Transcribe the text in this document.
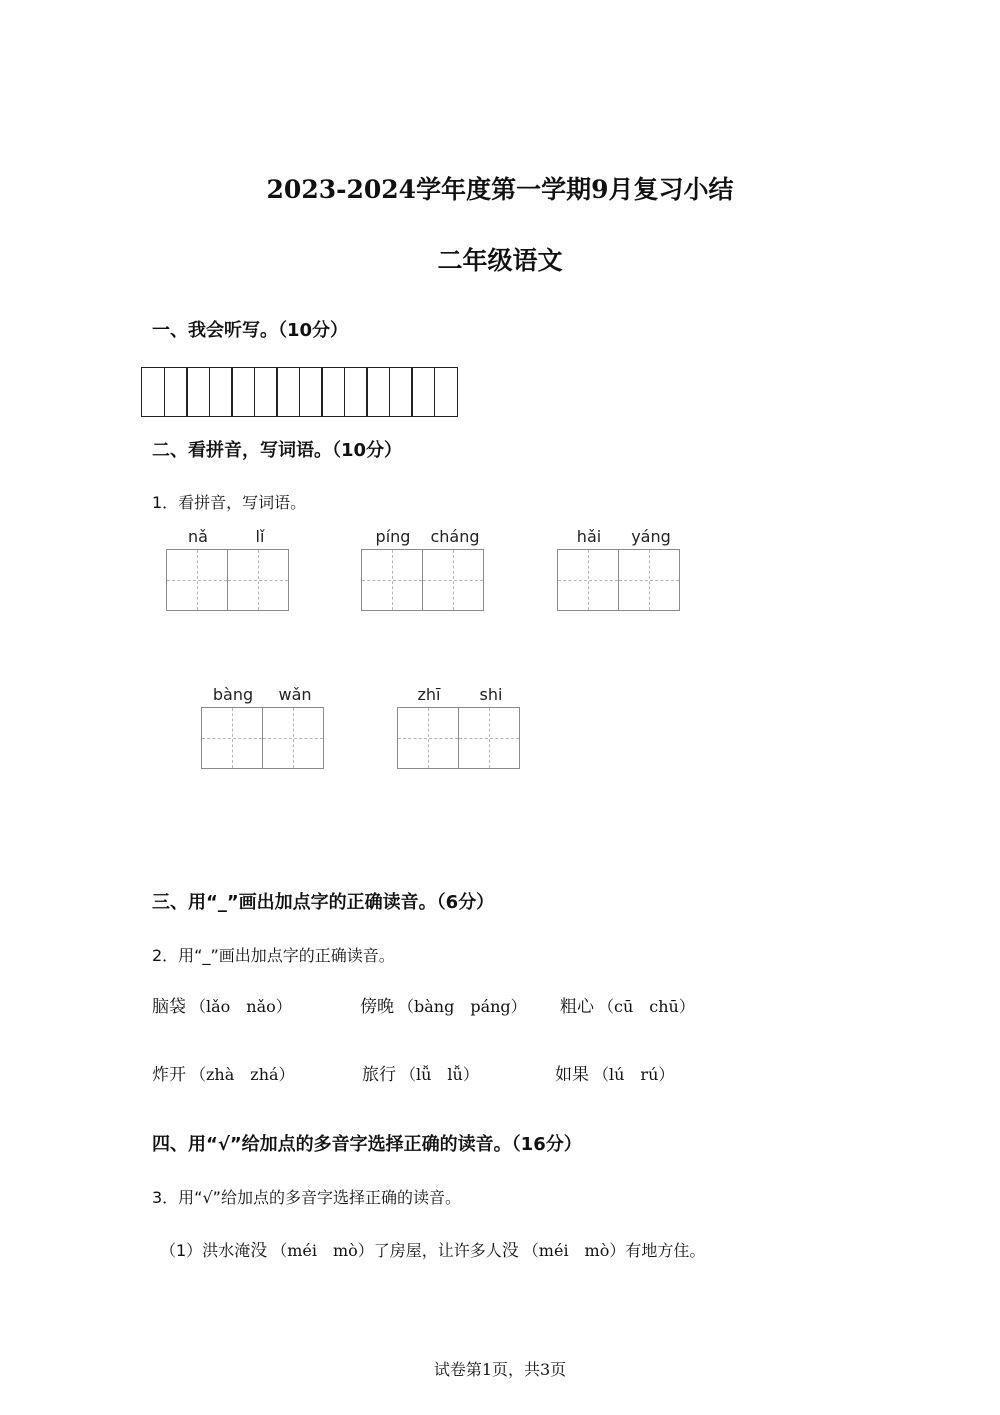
2023-2024学年度第一学期9月复习小结
二年级语文
一、我会听写。（10分）
二、看拼音，写词语。（10分）
1．看拼音，写词语。
nǎ	lǐ	píng	cháng	hǎi	yáng
bàng	wǎn	zhī	shi
三、用“_”画出加点字的正确读音。（6分）
2．用“_”画出加点字的正确读音。
脑袋 （lǎo　nǎo）	傍晚 （bàng　páng） 粗心 （cū　chū）
炸开 （zhà　zhá）	旅行 （lǚ　lǚ）	如果 （lú　rú）
四、用“√”给加点的多音字选择正确的读音。（16分）
3．用“√”给加点的多音字选择正确的读音。
（1）洪水淹没 （méi　mò）了房屋，让许多人没 （méi　mò）有地方住。
试卷第1页，共3页
